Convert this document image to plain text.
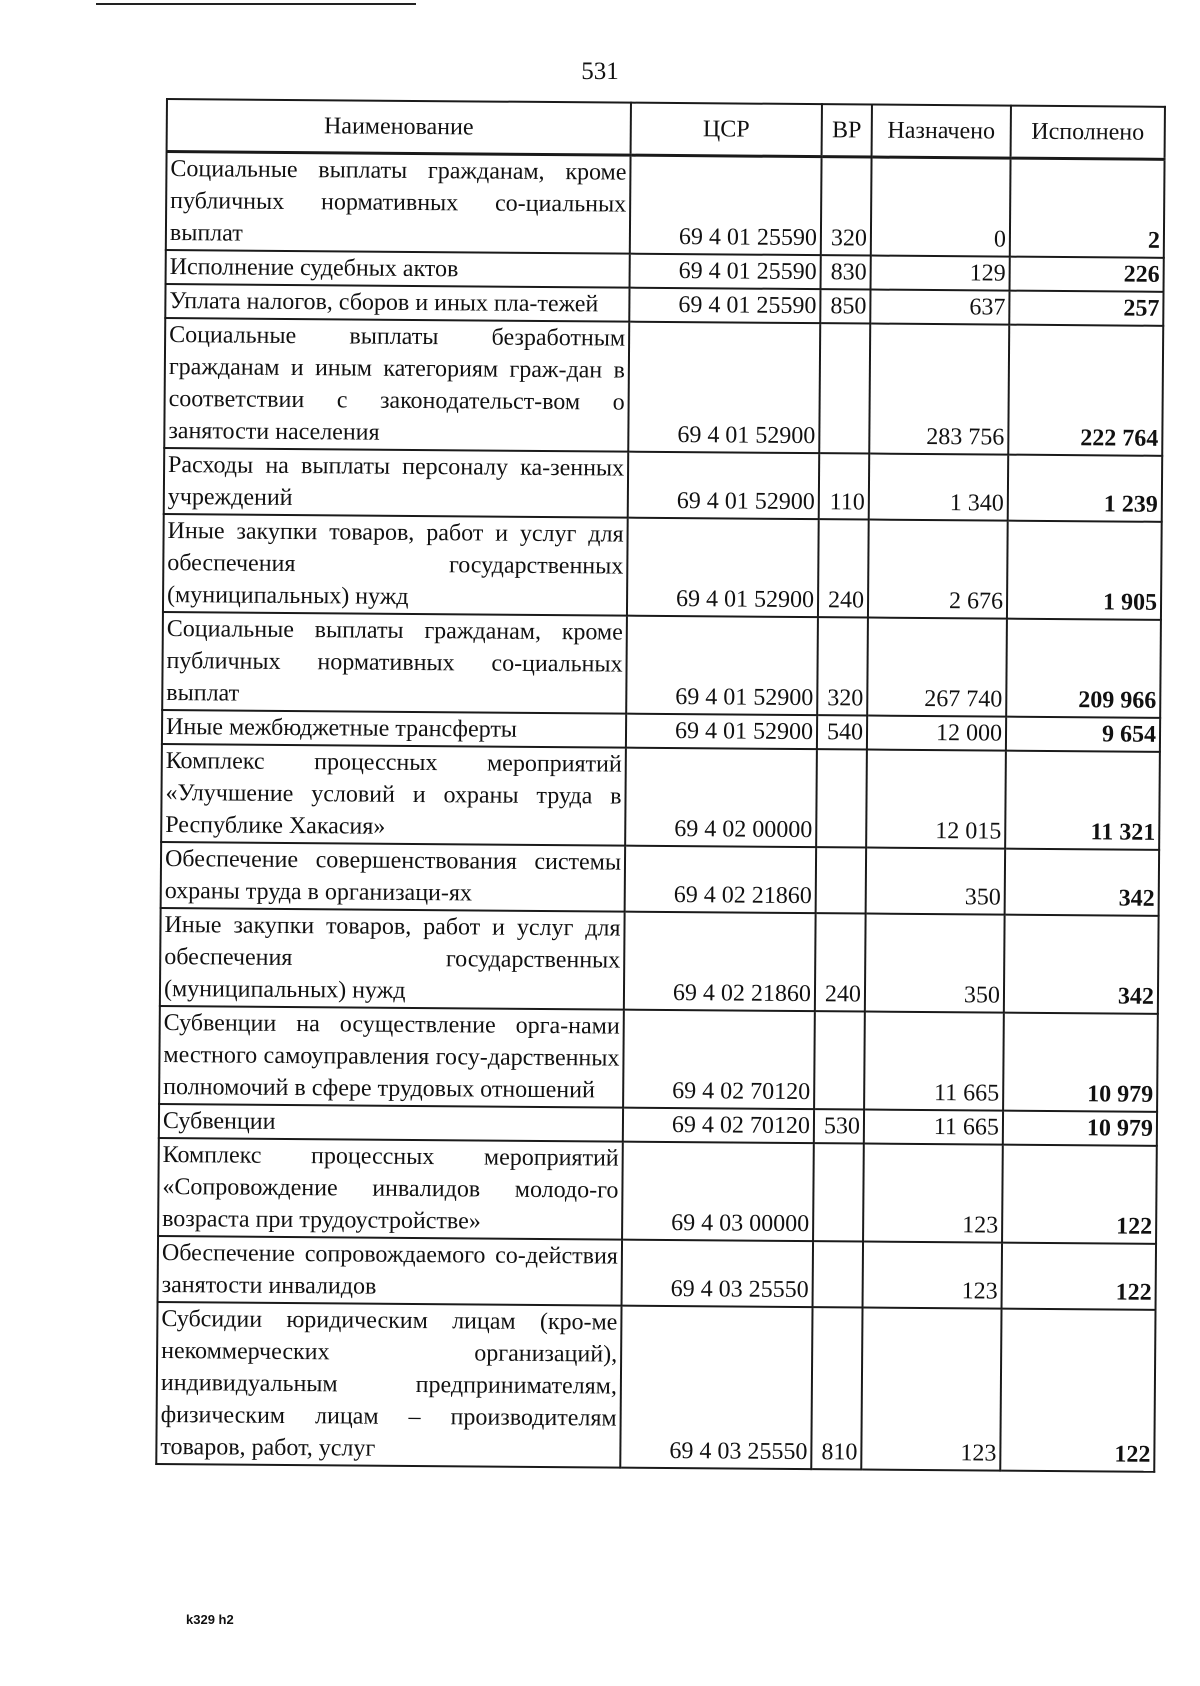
531
Наименование	ЦСР	ВР	Назначено	Исполнено
Социальные выплаты гражданам, кроме публичных нормативных со-циальных выплат	69 4 01 25590	320	0	2
Исполнение судебных актов	69 4 01 25590	830	129	226
Уплата налогов, сборов и иных пла-тежей	69 4 01 25590	850	637	257
Социальные выплаты безработным гражданам и иным категориям граж-дан в соответствии с законодательст-вом о занятости населения	69 4 01 52900		283 756	222 764
Расходы на выплаты персоналу ка-зенных учреждений	69 4 01 52900	110	1 340	1 239
Иные закупки товаров, работ и услуг для обеспечения государственных (муниципальных) нужд	69 4 01 52900	240	2 676	1 905
Социальные выплаты гражданам, кроме публичных нормативных со-циальных выплат	69 4 01 52900	320	267 740	209 966
Иные межбюджетные трансферты	69 4 01 52900	540	12 000	9 654
Комплекс процессных мероприятий «Улучшение условий и охраны труда в Республике Хакасия»	69 4 02 00000		12 015	11 321
Обеспечение совершенствования системы охраны труда в организаци-ях	69 4 02 21860		350	342
Иные закупки товаров, работ и услуг для обеспечения государственных (муниципальных) нужд	69 4 02 21860	240	350	342
Субвенции на осуществление орга-нами местного самоуправления госу-дарственных полномочий в сфере трудовых отношений	69 4 02 70120		11 665	10 979
Субвенции	69 4 02 70120	530	11 665	10 979
Комплекс процессных мероприятий «Сопровождение инвалидов молодо-го возраста при трудоустройстве»	69 4 03 00000		123	122
Обеспечение сопровождаемого со-действия занятости инвалидов	69 4 03 25550		123	122
Субсидии юридическим лицам (кро-ме некоммерческих организаций), индивидуальным предпринимателям, физическим лицам – производителям товаров, работ, услуг	69 4 03 25550	810	123	122
k329 h2
